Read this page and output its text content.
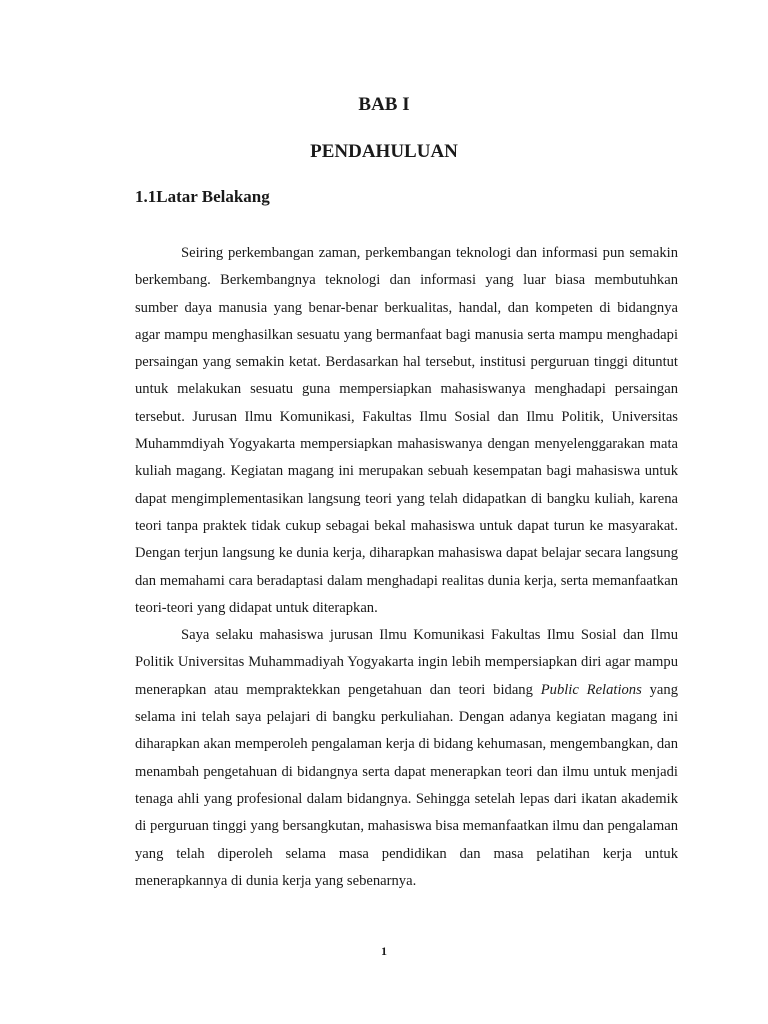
BAB I
PENDAHULUAN
1.1Latar Belakang

Seiring perkembangan zaman, perkembangan teknologi dan informasi pun semakin berkembang. Berkembangnya teknologi dan informasi yang luar biasa membutuhkan sumber daya manusia yang benar-benar berkualitas, handal, dan kompeten di bidangnya agar mampu menghasilkan sesuatu yang bermanfaat bagi manusia serta mampu menghadapi persaingan yang semakin ketat. Berdasarkan hal tersebut, institusi perguruan tinggi dituntut untuk melakukan sesuatu guna mempersiapkan mahasiswanya menghadapi persaingan tersebut. Jurusan Ilmu Komunikasi, Fakultas Ilmu Sosial dan Ilmu Politik, Universitas Muhammdiyah Yogyakarta mempersiapkan mahasiswanya dengan menyelenggarakan mata kuliah magang. Kegiatan magang ini merupakan sebuah kesempatan bagi mahasiswa untuk dapat mengimplementasikan langsung teori yang telah didapatkan di bangku kuliah, karena teori tanpa praktek tidak cukup sebagai bekal mahasiswa untuk dapat turun ke masyarakat. Dengan terjun langsung ke dunia kerja, diharapkan mahasiswa dapat belajar secara langsung dan memahami cara beradaptasi dalam menghadapi realitas dunia kerja, serta memanfaatkan teori-teori yang didapat untuk diterapkan.

Saya selaku mahasiswa jurusan Ilmu Komunikasi Fakultas Ilmu Sosial dan Ilmu Politik Universitas Muhammadiyah Yogyakarta ingin lebih mempersiapkan diri agar mampu menerapkan atau mempraktekkan pengetahuan dan teori bidang Public Relations yang selama ini telah saya pelajari di bangku perkuliahan. Dengan adanya kegiatan magang ini diharapkan akan memperoleh pengalaman kerja di bidang kehumasan, mengembangkan, dan menambah pengetahuan di bidangnya serta dapat menerapkan teori dan ilmu untuk menjadi tenaga ahli yang profesional dalam bidangnya. Sehingga setelah lepas dari ikatan akademik di perguruan tinggi yang bersangkutan, mahasiswa bisa memanfaatkan ilmu dan pengalaman yang telah diperoleh selama masa pendidikan dan masa pelatihan kerja untuk menerapkannya di dunia kerja yang sebenarnya.

1
